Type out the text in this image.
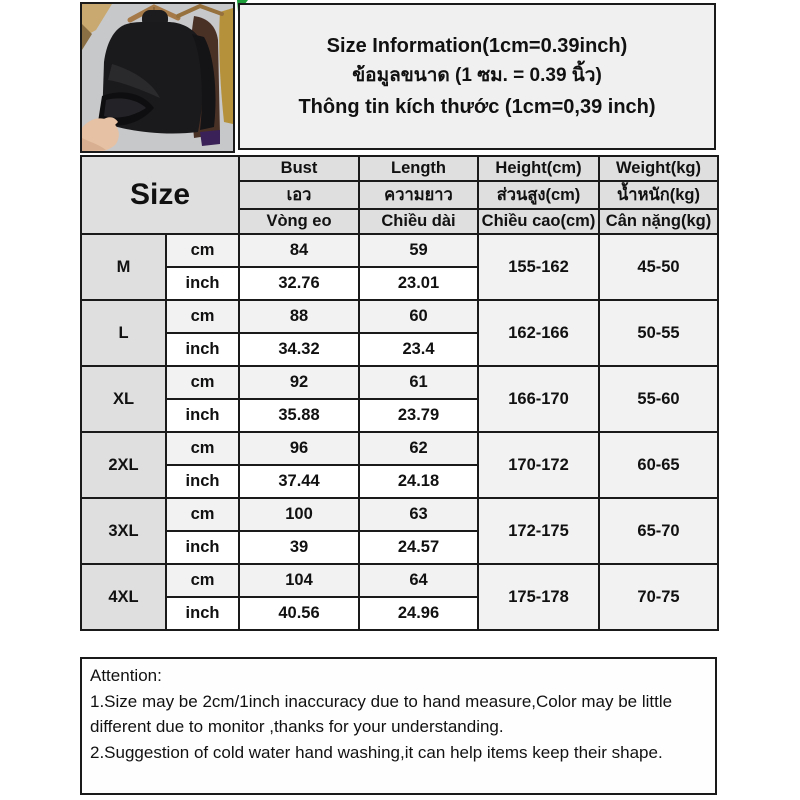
Size Information(1cm=0.39inch)
ข้อมูลขนาด (1 ซม. = 0.39 นิ้ว)
Thông tin kích thước (1cm=0,39 inch)
Size		Bust	Length	Height(cm)	Weight(kg)
		เอว	ความยาว	ส่วนสูง(cm)	น้ำหนัก(kg)
		Vòng eo	Chiều dài	Chiều cao(cm)	Cân nặng(kg)
M	cm	84	59	155-162	45-50
	inch	32.76	23.01		
L	cm	88	60	162-166	50-55
	inch	34.32	23.4		
XL	cm	92	61	166-170	55-60
	inch	35.88	23.79		
2XL	cm	96	62	170-172	60-65
	inch	37.44	24.18		
3XL	cm	100	63	172-175	65-70
	inch	39	24.57		
4XL	cm	104	64	175-178	70-75
	inch	40.56	24.96		

Attention:

1.Size may be 2cm/1inch inaccuracy due to hand measure,Color may be little different due to monitor ,thanks for your understanding.

2.Suggestion of cold water hand washing,it can help items keep their shape.
